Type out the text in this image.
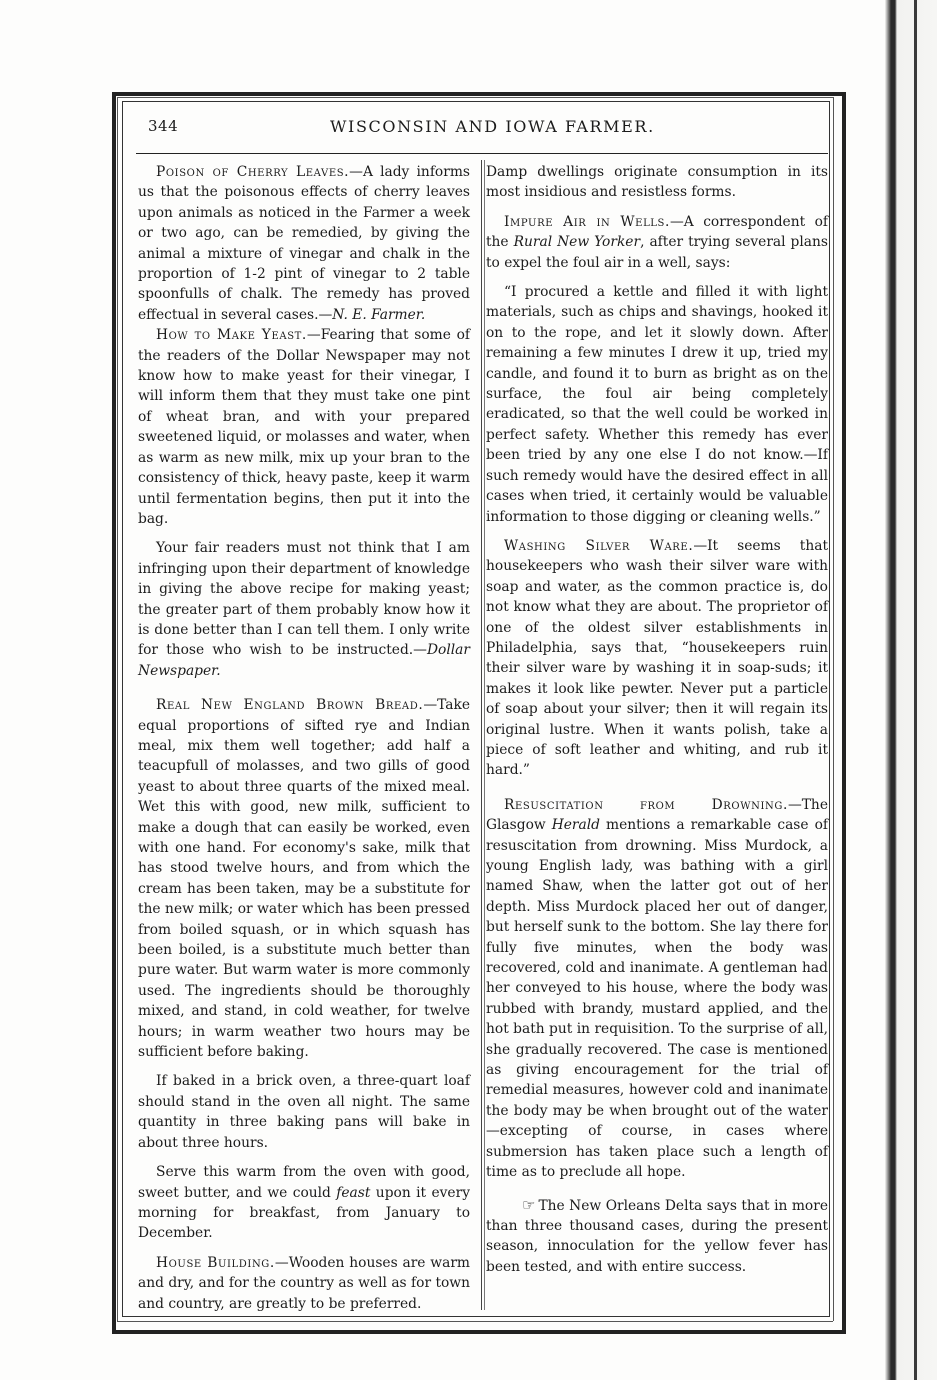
344	WISCONSIN AND IOWA FARMER.

Poison of Cherry Leaves.—A lady informs us that the poisonous effects of cherry leaves upon animals as noticed in the Farmer a week or two ago, can be remedied, by giving the animal a mixture of vinegar and chalk in the proportion of 1-2 pint of vinegar to 2 table spoonfulls of chalk. The remedy has proved effectual in several cases.—N. E. Farmer.

How to Make Yeast.—Fearing that some of the readers of the Dollar Newspaper may not know how to make yeast for their vinegar, I will inform them that they must take one pint of wheat bran, and with your prepared sweetened liquid, or molasses and water, when as warm as new milk, mix up your bran to the consistency of thick, heavy paste, keep it warm until fermentation begins, then put it into the bag.

Your fair readers must not think that I am infringing upon their department of knowledge in giving the above recipe for making yeast; the greater part of them probably know how it is done better than I can tell them. I only write for those who wish to be instructed.—Dollar Newspaper.

Real New England Brown Bread.—Take equal proportions of sifted rye and Indian meal, mix them well together; add half a teacupfull of molasses, and two gills of good yeast to about three quarts of the mixed meal. Wet this with good, new milk, sufficient to make a dough that can easily be worked, even with one hand. For economy's sake, milk that has stood twelve hours, and from which the cream has been taken, may be a substitute for the new milk; or water which has been pressed from boiled squash, or in which squash has been boiled, is a substitute much better than pure water. But warm water is more commonly used. The ingredients should be thoroughly mixed, and stand, in cold weather, for twelve hours; in warm weather two hours may be sufficient before baking.

If baked in a brick oven, a three-quart loaf should stand in the oven all night. The same quantity in three baking pans will bake in about three hours.

Serve this warm from the oven with good, sweet butter, and we could feast upon it every morning for breakfast, from January to December.

House Building.—Wooden houses are warm and dry, and for the country as well as for town and country, are greatly to be preferred.

Damp dwellings originate consumption in its most insidious and resistless forms.

Impure Air in Wells.—A correspondent of the Rural New Yorker, after trying several plans to expel the foul air in a well, says:

“I procured a kettle and filled it with light materials, such as chips and shavings, hooked it on to the rope, and let it slowly down. After remaining a few minutes I drew it up, tried my candle, and found it to burn as bright as on the surface, the foul air being completely eradicated, so that the well could be worked in perfect safety. Whether this remedy has ever been tried by any one else I do not know.—If such remedy would have the desired effect in all cases when tried, it certainly would be valuable information to those digging or cleaning wells.”

Washing Silver Ware.—It seems that housekeepers who wash their silver ware with soap and water, as the common practice is, do not know what they are about. The proprietor of one of the oldest silver establishments in Philadelphia, says that, “housekeepers ruin their silver ware by washing it in soap-suds; it makes it look like pewter. Never put a particle of soap about your silver; then it will regain its original lustre. When it wants polish, take a piece of soft leather and whiting, and rub it hard.”

Resuscitation from Drowning.—The Glasgow Herald mentions a remarkable case of resuscitation from drowning. Miss Murdock, a young English lady, was bathing with a girl named Shaw, when the latter got out of her depth. Miss Murdock placed her out of danger, but herself sunk to the bottom. She lay there for fully five minutes, when the body was recovered, cold and inanimate. A gentleman had her conveyed to his house, where the body was rubbed with brandy, mustard applied, and the hot bath put in requisition. To the surprise of all, she gradually recovered. The case is mentioned as giving encouragement for the trial of remedial measures, however cold and inanimate the body may be when brought out of the water—excepting of course, in cases where submersion has taken place such a length of time as to preclude all hope.

☞ The New Orleans Delta says that in more than three thousand cases, during the present season, innoculation for the yellow fever has been tested, and with entire success.
